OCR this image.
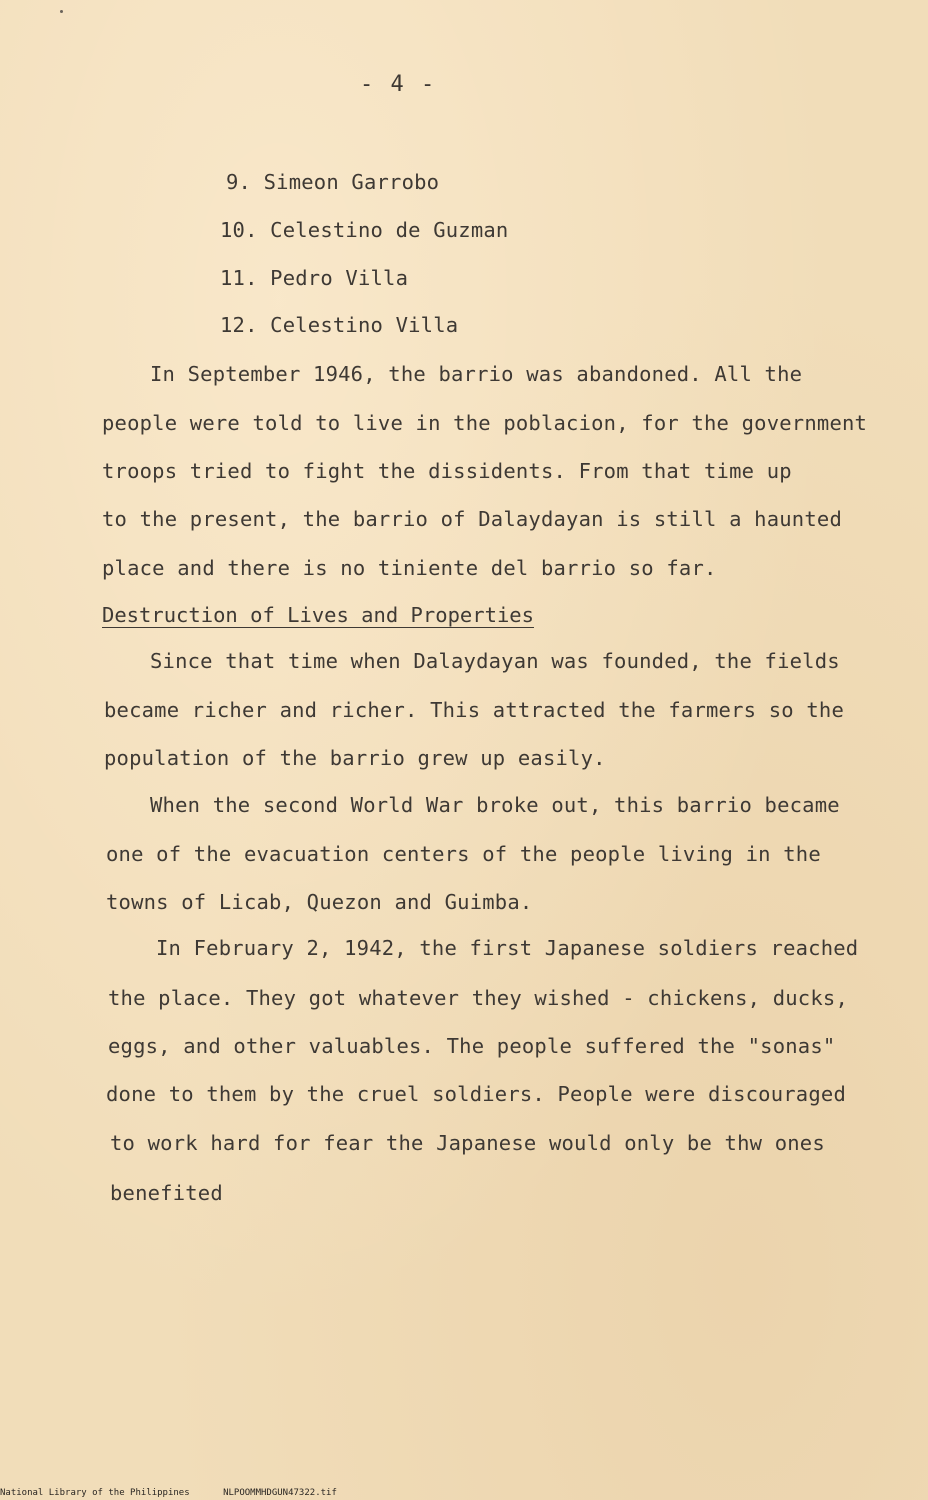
- 4 -
9. Simeon Garrobo
10. Celestino de Guzman
11. Pedro Villa
12. Celestino Villa
In September 1946, the barrio was abandoned. All the
people were told to live in the poblacion, for the government
troops tried to fight the dissidents. From that time up
to the present, the barrio of Dalaydayan is still a haunted
place and there is no tiniente del barrio so far.
Destruction of Lives and Properties
Since that time when Dalaydayan was founded, the fields
became richer and richer. This attracted the farmers so the
population of the barrio grew up easily.
When the second World War broke out, this barrio became
one of the evacuation centers of the people living in the
towns of Licab, Quezon and Guimba.
In February 2, 1942, the first Japanese soldiers reached
the place. They got whatever they wished - chickens, ducks,
eggs, and other valuables. The people suffered the "sonas"
done to them by the cruel soldiers. People were discouraged
to work hard for fear the Japanese would only be thw ones
benefited
National Library of the Philippines	NLPOOMMHDGUN47322.tif
